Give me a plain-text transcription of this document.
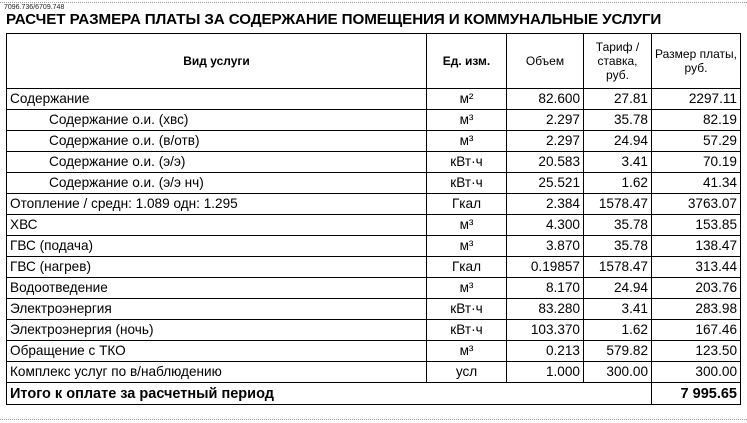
7096.736/6709.748
РАСЧЕТ РАЗМЕРА ПЛАТЫ ЗА СОДЕРЖАНИЕ ПОМЕЩЕНИЯ И КОММУНАЛЬНЫЕ УСЛУГИ
Вид услуги	Ед. изм.	Объем	Тариф / ставка, руб.	Размер платы, руб.
Содержание	м²	82.600	27.81	2297.11
Содержание о.и. (хвс)	м³	2.297	35.78	82.19
Содержание о.и. (в/отв)	м³	2.297	24.94	57.29
Содержание о.и. (э/э)	кВт·ч	20.583	3.41	70.19
Содержание о.и. (э/э нч)	кВт·ч	25.521	1.62	41.34
Отопление / средн: 1.089 одн: 1.295	Гкал	2.384	1578.47	3763.07
ХВС	м³	4.300	35.78	153.85
ГВС (подача)	м³	3.870	35.78	138.47
ГВС (нагрев)	Гкал	0.19857	1578.47	313.44
Водоотведение	м³	8.170	24.94	203.76
Электроэнергия	кВт·ч	83.280	3.41	283.98
Электроэнергия (ночь)	кВт·ч	103.370	1.62	167.46
Обращение с ТКО	м³	0.213	579.82	123.50
Комплекс услуг по в/наблюдению	усл	1.000	300.00	300.00
Итого к оплате за расчетный период				7 995.65
